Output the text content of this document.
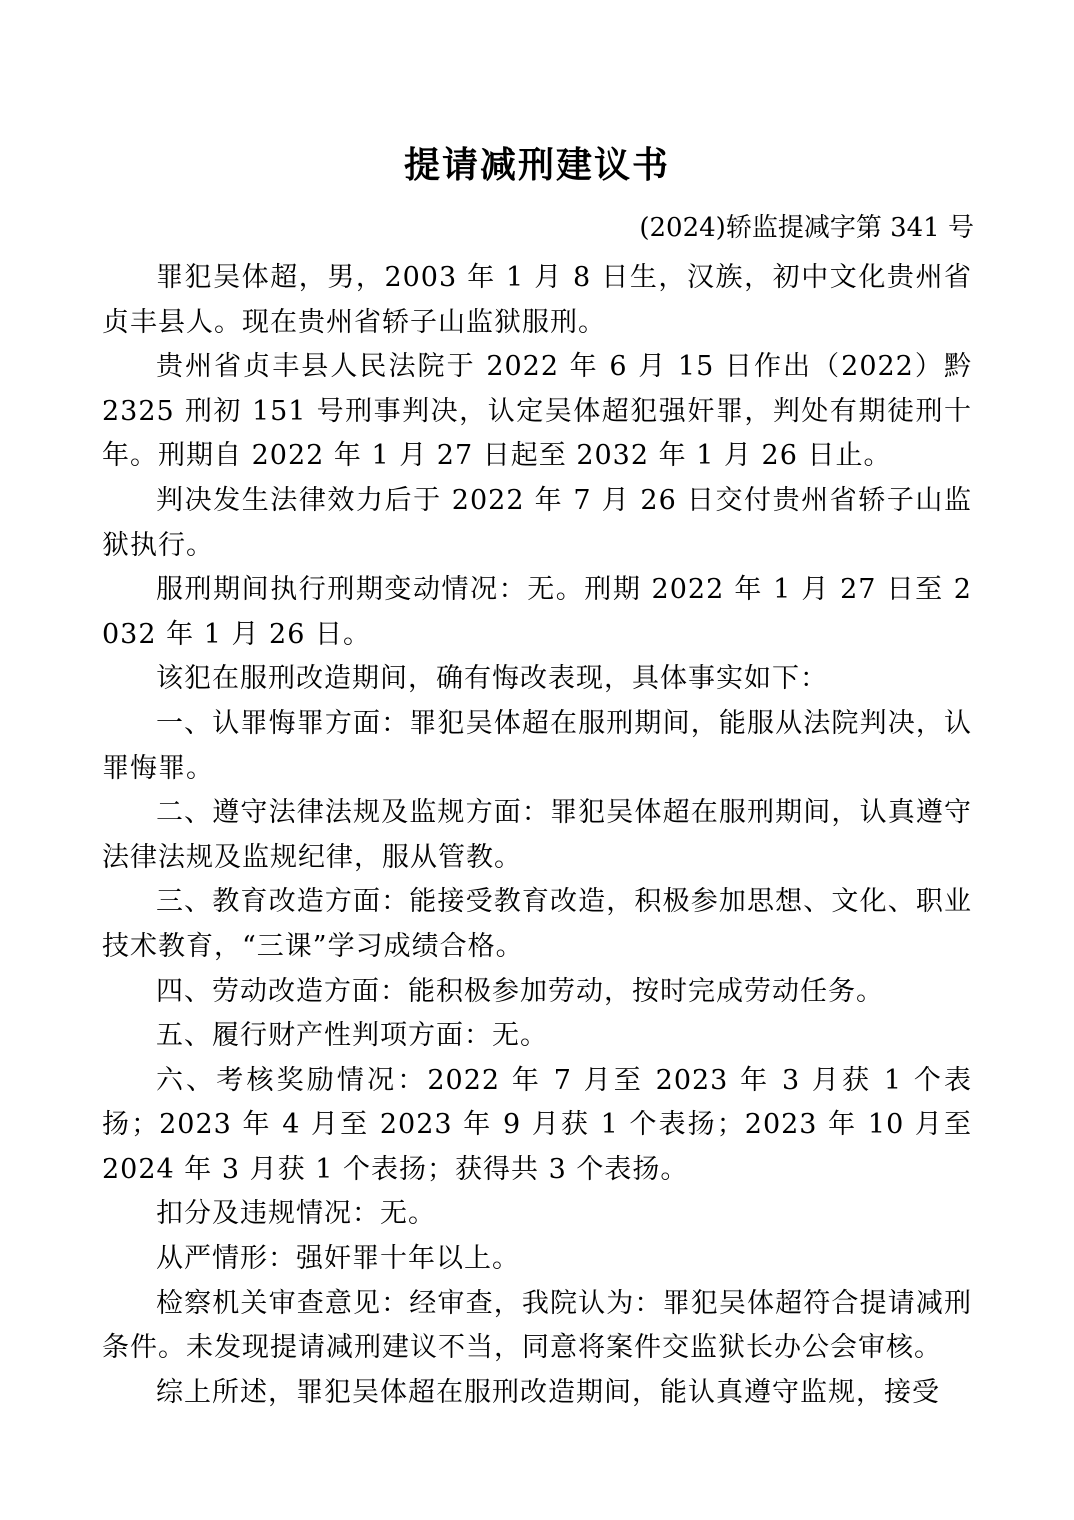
提请减刑建议书

(2024)轿监提减字第 341 号

罪犯吴体超，男，2003 年 1 月 8 日生，汉族，初中文化贵州省贞丰县人。现在贵州省轿子山监狱服刑。

贵州省贞丰县人民法院于 2022 年 6 月 15 日作出（2022）黔 2325 刑初 151 号刑事判决，认定吴体超犯强奸罪，判处有期徒刑十年。刑期自 2022 年 1 月 27 日起至 2032 年 1 月 26 日止。

判决发生法律效力后于 2022 年 7 月 26 日交付贵州省轿子山监狱执行。

服刑期间执行刑期变动情况：无。刑期 2022 年 1 月 27 日至 2032 年 1 月 26 日。

该犯在服刑改造期间，确有悔改表现，具体事实如下：

一、认罪悔罪方面：罪犯吴体超在服刑期间，能服从法院判决，认罪悔罪。

二、遵守法律法规及监规方面：罪犯吴体超在服刑期间，认真遵守法律法规及监规纪律，服从管教。

三、教育改造方面：能接受教育改造，积极参加思想、文化、职业技术教育，“三课”学习成绩合格。

四、劳动改造方面：能积极参加劳动，按时完成劳动任务。

五、履行财产性判项方面：无。

六、考核奖励情况：2022 年 7 月至 2023 年 3 月获 1 个表扬；2023 年 4 月至 2023 年 9 月获 1 个表扬；2023 年 10 月至 2024 年 3 月获 1 个表扬；获得共 3 个表扬。

扣分及违规情况：无。

从严情形：强奸罪十年以上。

检察机关审查意见：经审查，我院认为：罪犯吴体超符合提请减刑条件。未发现提请减刑建议不当，同意将案件交监狱长办公会审核。

综上所述，罪犯吴体超在服刑改造期间，能认真遵守监规，接受
